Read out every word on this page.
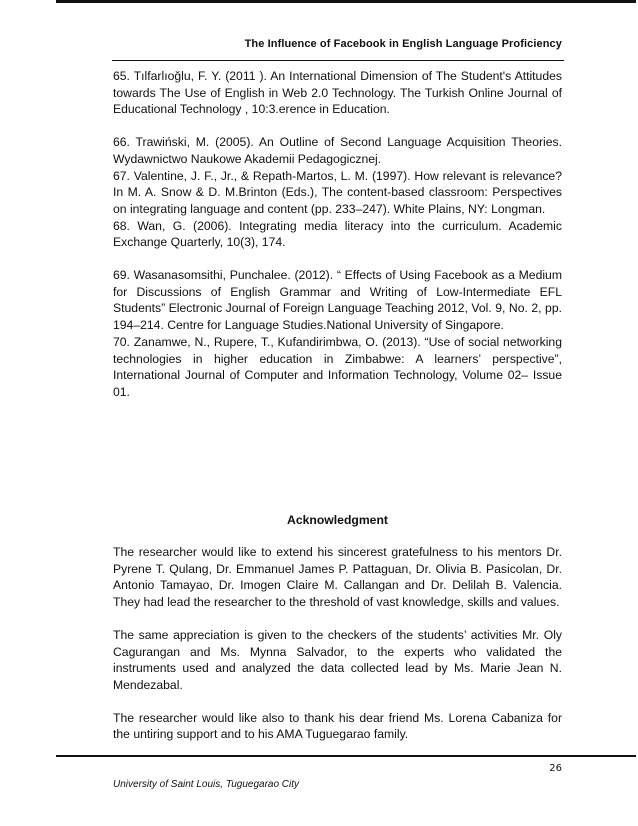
The Influence of Facebook in English Language Proficiency

65. Tılfarlıoğlu, F. Y. (2011 ). An International Dimension of The Student's Attitudes towards The Use of English in Web 2.0 Technology. The Turkish Online Journal of Educational Technology , 10:3.erence in Education.

66. Trawiński, M. (2005). An Outline of Second Language Acquisition Theories. Wydawnictwo Naukowe Akademii Pedagogicznej.

67. Valentine, J. F., Jr., & Repath-Martos, L. M. (1997). How relevant is relevance? In M. A. Snow & D. M.Brinton (Eds.), The content-based classroom: Perspectives on integrating language and content (pp. 233–247). White Plains, NY: Longman.

68. Wan, G. (2006). Integrating media literacy into the curriculum. Academic Exchange Quarterly, 10(3), 174.

69. Wasanasomsithi, Punchalee. (2012). “ Effects of Using Facebook as a Medium for Discussions of English Grammar and Writing of Low-Intermediate EFL Students” Electronic Journal of Foreign Language Teaching 2012, Vol. 9, No. 2, pp. 194–214. Centre for Language Studies.National University of Singapore.

70. Zanamwe, N., Rupere, T., Kufandirimbwa, O. (2013). “Use of social networking technologies in higher education in Zimbabwe: A learners’ perspective”, International Journal of Computer and Information Technology, Volume 02– Issue 01.

Acknowledgment

The researcher would like to extend his sincerest gratefulness to his mentors Dr. Pyrene T. Qulang, Dr. Emmanuel James P. Pattaguan, Dr. Olivia B. Pasicolan, Dr. Antonio Tamayao, Dr. Imogen Claire M. Callangan and Dr. Delilah B. Valencia. They had lead the researcher to the threshold of vast knowledge, skills and values.

The same appreciation is given to the checkers of the students’ activities Mr. Oly Cagurangan and Ms. Mynna Salvador, to the experts who validated the instruments used and analyzed the data collected lead by Ms. Marie Jean N. Mendezabal.

The researcher would like also to thank his dear friend Ms. Lorena Cabaniza for the untiring support and to his AMA Tuguegarao family.

26
University of Saint Louis, Tuguegarao City
